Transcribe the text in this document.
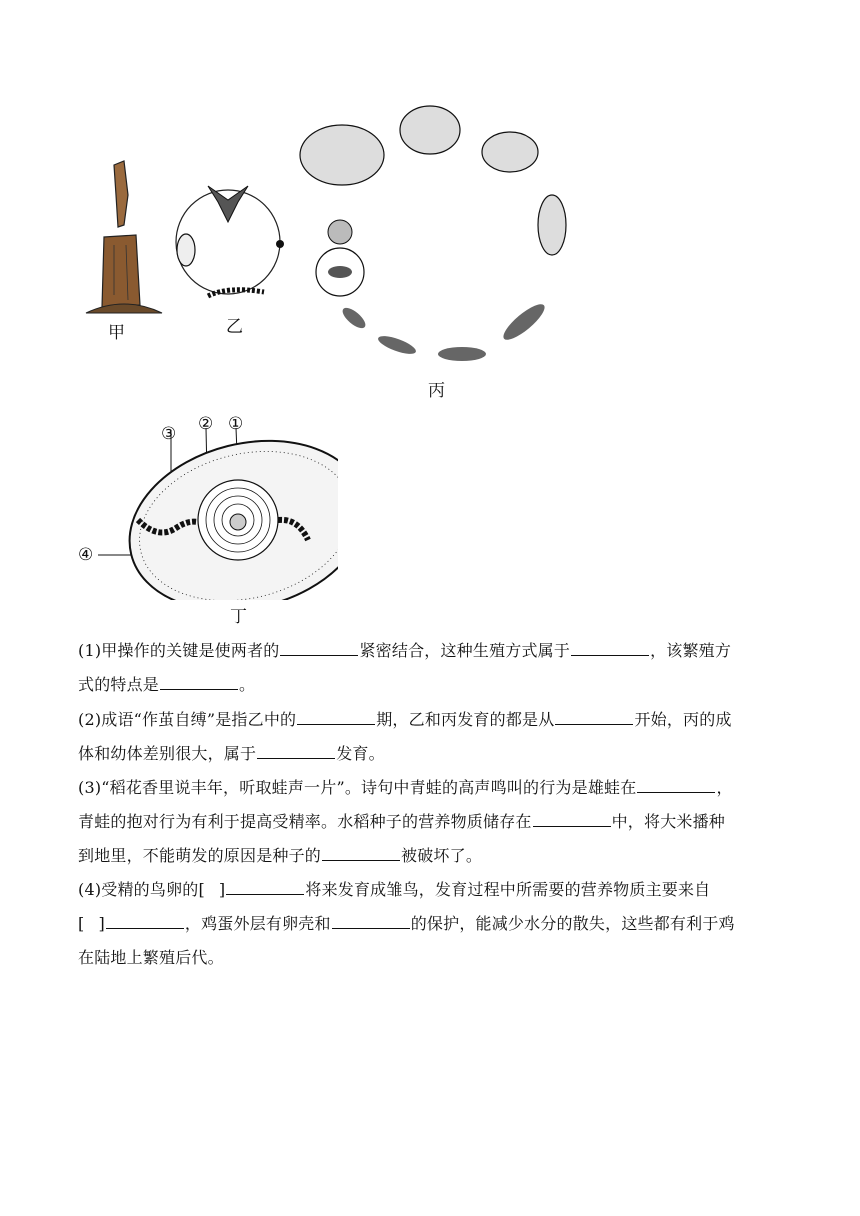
甲	乙
丙
③ ② ①
④
丁
(1)甲操作的关键是使两者的	紧密结合，这种生殖方式属于	，该繁殖方
式的特点是	。
(2)成语“作茧自缚”是指乙中的	期，乙和丙发育的都是从	开始，丙的成
体和幼体差别很大，属于	发育。
(3)“稻花香里说丰年，听取蛙声一片”。诗句中青蛙的高声鸣叫的行为是雄蛙在	，
青蛙的抱对行为有利于提高受精率。水稻种子的营养物质储存在	中，将大米播种
到地里，不能萌发的原因是种子的	被破坏了。
(4)受精的鸟卵的[ ]	将来发育成雏鸟，发育过程中所需要的营养物质主要来自
[ ]	，鸡蛋外层有卵壳和	的保护，能减少水分的散失，这些都有利于鸡
在陆地上繁殖后代。
